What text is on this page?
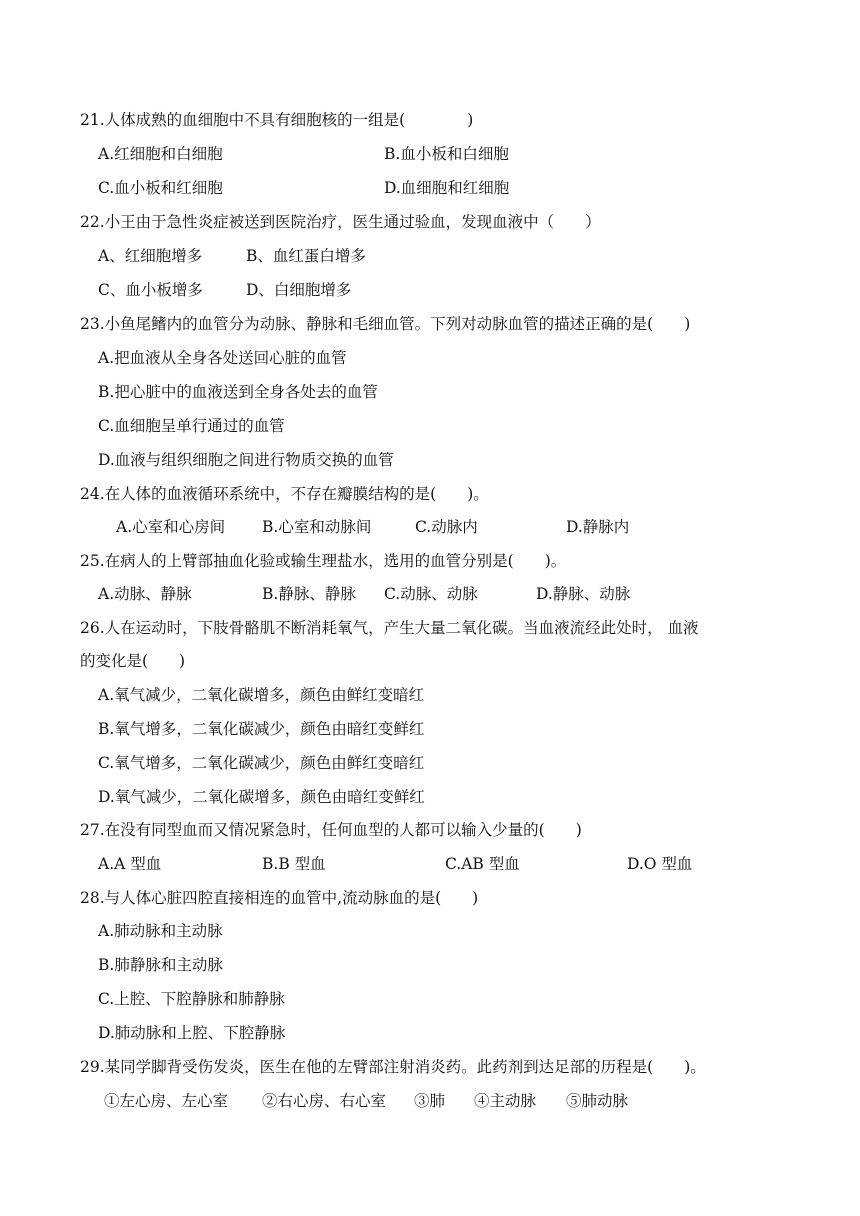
21.人体成熟的血细胞中不具有细胞核的一组是(　　　　)
A.红细胞和白细胞	B.血小板和白细胞
C.血小板和红细胞	D.血细胞和红细胞
22.小王由于急性炎症被送到医院治疗，医生通过验血，发现血液中（　　）
A、红细胞增多	B、血红蛋白增多
C、血小板增多	D、白细胞增多
23.小鱼尾鳍内的血管分为动脉、静脉和毛细血管。下列对动脉血管的描述正确的是(　　)
A.把血液从全身各处送回心脏的血管
B.把心脏中的血液送到全身各处去的血管
C.血细胞呈单行通过的血管
D.血液与组织细胞之间进行物质交换的血管
24.在人体的血液循环系统中，不存在瓣膜结构的是(　　)。
A.心室和心房间 B.心室和动脉间	C.动脉内	D.静脉内
25.在病人的上臂部抽血化验或输生理盐水，选用的血管分别是(　　)。
A.动脉、静脉	B.静脉、静脉 C.动脉、动脉	D.静脉、动脉
26.人在运动时，下肢骨骼肌不断消耗氧气，产生大量二氧化碳。当血液流经此处时， 血液
的变化是(　　)
A.氧气减少，二氧化碳增多，颜色由鲜红变暗红
B.氧气增多，二氧化碳减少，颜色由暗红变鲜红
C.氧气增多，二氧化碳减少，颜色由鲜红变暗红
D.氧气减少，二氧化碳增多，颜色由暗红变鲜红
27.在没有同型血而又情况紧急时，任何血型的人都可以输入少量的(　　)
A.A 型血	B.B 型血	C.AB 型血	D.O 型血
28.与人体心脏四腔直接相连的血管中,流动脉血的是(　　)
A.肺动脉和主动脉
B.肺静脉和主动脉
C.上腔、下腔静脉和肺静脉
D.肺动脉和上腔、下腔静脉
29.某同学脚背受伤发炎，医生在他的左臂部注射消炎药。此药剂到达足部的历程是(　　)。
①左心房、左心室 ②右心房、右心室 ③肺 ④主动脉 ⑤肺动脉
